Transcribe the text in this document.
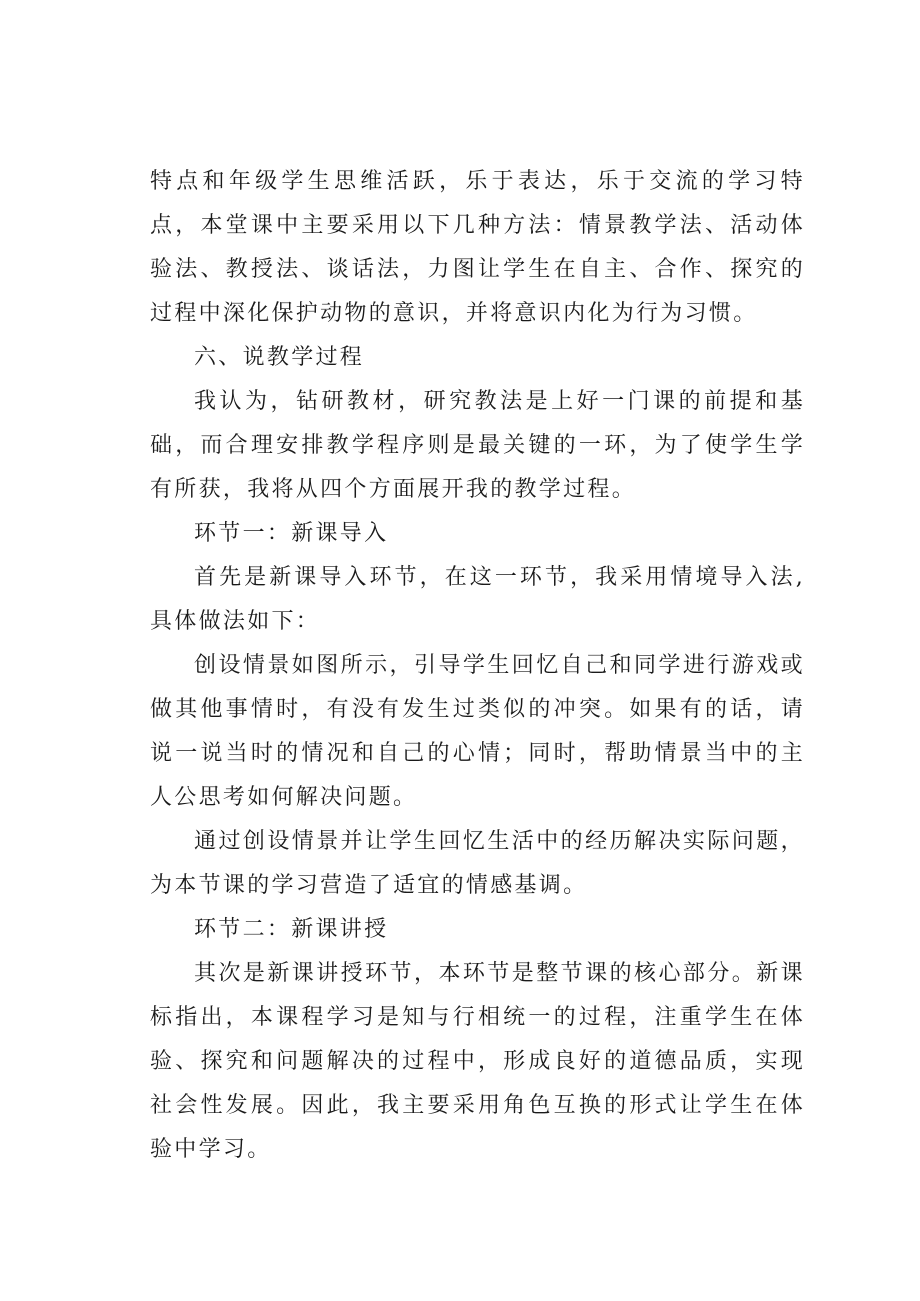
特点和年级学生思维活跃，乐于表达，乐于交流的学习特点，本堂课中主要采用以下几种方法：情景教学法、活动体验法、教授法、谈话法，力图让学生在自主、合作、探究的过程中深化保护动物的意识，并将意识内化为行为习惯。

六、说教学过程

我认为，钻研教材，研究教法是上好一门课的前提和基础，而合理安排教学程序则是最关键的一环，为了使学生学有所获，我将从四个方面展开我的教学过程。

环节一：新课导入

首先是新课导入环节，在这一环节，我采用情境导入法,具体做法如下：

创设情景如图所示，引导学生回忆自己和同学进行游戏或做其他事情时，有没有发生过类似的冲突。如果有的话，请说一说当时的情况和自己的心情；同时，帮助情景当中的主人公思考如何解决问题。

通过创设情景并让学生回忆生活中的经历解决实际问题，为本节课的学习营造了适宜的情感基调。

环节二：新课讲授

其次是新课讲授环节，本环节是整节课的核心部分。新课标指出，本课程学习是知与行相统一的过程，注重学生在体验、探究和问题解决的过程中，形成良好的道德品质，实现社会性发展。因此，我主要采用角色互换的形式让学生在体验中学习。
